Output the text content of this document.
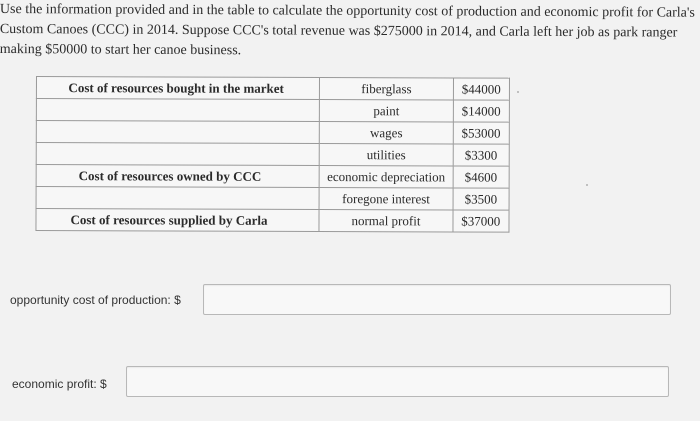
Use the information provided and in the table to calculate the opportunity cost of production and economic profit for Carla's
Custom Canoes (CCC) in 2014. Suppose CCC's total revenue was $275000 in 2014, and Carla left her job as park ranger
making $50000 to start her canoe business.
Cost of resources bought in the market	fiberglass	$44000
	paint	$14000
	wages	$53000
	utilities	$3300
Cost of resources owned by CCC	economic depreciation	$4600
	foregone interest	$3500
Cost of resources supplied by Carla	normal profit	$37000
opportunity cost of production: $
economic profit: $
